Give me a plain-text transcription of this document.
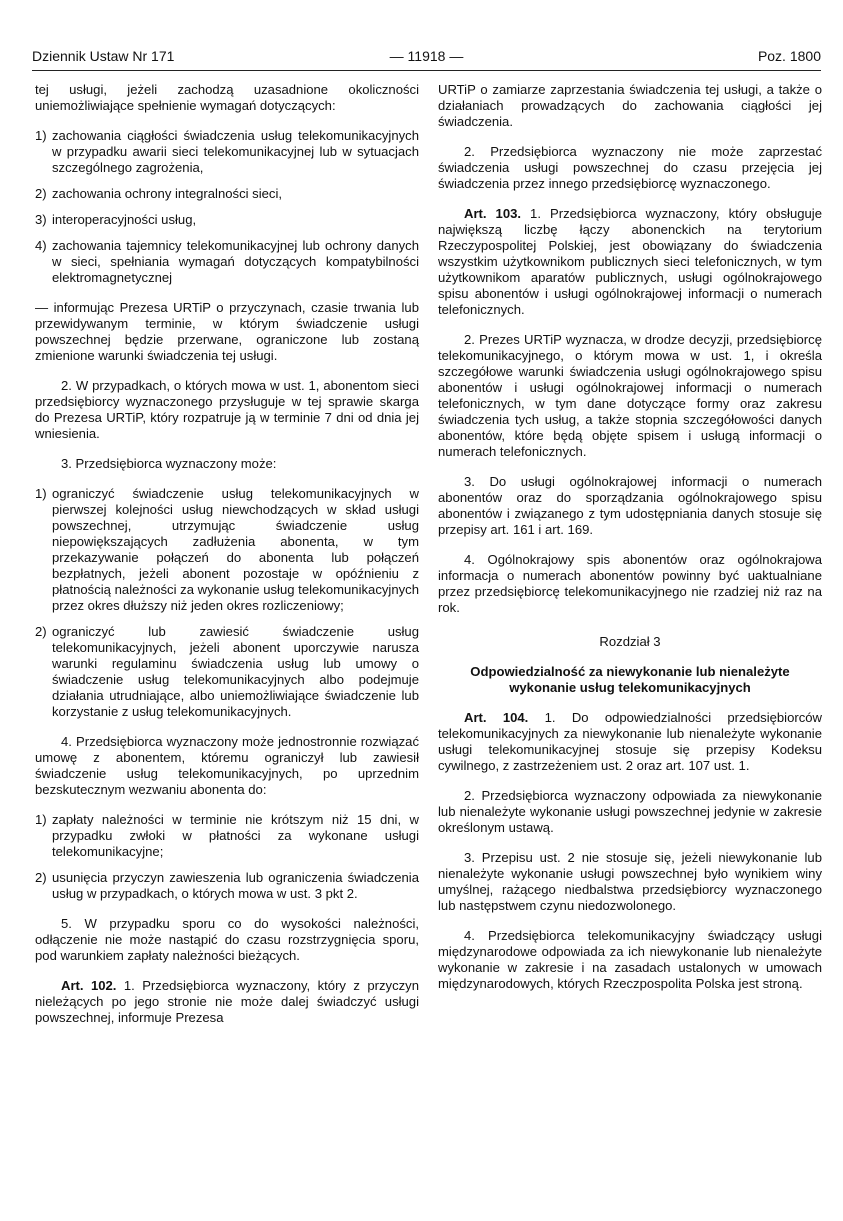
Dziennik Ustaw Nr 171	— 11918 —	Poz. 1800

tej usługi, jeżeli zachodzą uzasadnione okoliczności uniemożliwiające spełnienie wymagań dotyczących:

1) zachowania ciągłości świadczenia usług telekomunikacyjnych w przypadku awarii sieci telekomunikacyjnej lub w sytuacjach szczególnego zagrożenia,
2) zachowania ochrony integralności sieci,
3) interoperacyjności usług,
4) zachowania tajemnicy telekomunikacyjnej lub ochrony danych w sieci, spełniania wymagań dotyczących kompatybilności elektromagnetycznej

— informując Prezesa URTiP o przyczynach, czasie trwania lub przewidywanym terminie, w którym świadczenie usługi powszechnej będzie przerwane, ograniczone lub zostaną zmienione warunki świadczenia tej usługi.

2. W przypadkach, o których mowa w ust. 1, abonentom sieci przedsiębiorcy wyznaczonego przysługuje w tej sprawie skarga do Prezesa URTiP, który rozpatruje ją w terminie 7 dni od dnia jej wniesienia.

3. Przedsiębiorca wyznaczony może:

1) ograniczyć świadczenie usług telekomunikacyjnych w pierwszej kolejności usług niewchodzących w skład usługi powszechnej, utrzymując świadczenie usług niepowiększających zadłużenia abonenta, w tym przekazywanie połączeń do abonenta lub połączeń bezpłatnych, jeżeli abonent pozostaje w opóźnieniu z płatnością należności za wykonanie usług telekomunikacyjnych przez okres dłuższy niż jeden okres rozliczeniowy;
2) ograniczyć lub zawiesić świadczenie usług telekomunikacyjnych, jeżeli abonent uporczywie narusza warunki regulaminu świadczenia usług lub umowy o świadczenie usług telekomunikacyjnych albo podejmuje działania utrudniające, albo uniemożliwiające świadczenie lub korzystanie z usług telekomunikacyjnych.

4. Przedsiębiorca wyznaczony może jednostronnie rozwiązać umowę z abonentem, któremu ograniczył lub zawiesił świadczenie usług telekomunikacyjnych, po uprzednim bezskutecznym wezwaniu abonenta do:

1) zapłaty należności w terminie nie krótszym niż 15 dni, w przypadku zwłoki w płatności za wykonane usługi telekomunikacyjne;
2) usunięcia przyczyn zawieszenia lub ograniczenia świadczenia usług w przypadkach, o których mowa w ust. 3 pkt 2.

5. W przypadku sporu co do wysokości należności, odłączenie nie może nastąpić do czasu rozstrzygnięcia sporu, pod warunkiem zapłaty należności bieżących.

Art. 102. 1. Przedsiębiorca wyznaczony, który z przyczyn nieleżących po jego stronie nie może dalej świadczyć usługi powszechnej, informuje Prezesa

URTiP o zamiarze zaprzestania świadczenia tej usługi, a także o działaniach prowadzących do zachowania ciągłości jej świadczenia.

2. Przedsiębiorca wyznaczony nie może zaprzestać świadczenia usługi powszechnej do czasu przejęcia jej świadczenia przez innego przedsiębiorcę wyznaczonego.

Art. 103. 1. Przedsiębiorca wyznaczony, który obsługuje największą liczbę łączy abonenckich na terytorium Rzeczypospolitej Polskiej, jest obowiązany do świadczenia wszystkim użytkownikom publicznych sieci telefonicznych, w tym użytkownikom aparatów publicznych, usługi ogólnokrajowego spisu abonentów i usługi ogólnokrajowej informacji o numerach telefonicznych.

2. Prezes URTiP wyznacza, w drodze decyzji, przedsiębiorcę telekomunikacyjnego, o którym mowa w ust. 1, i określa szczegółowe warunki świadczenia usługi ogólnokrajowego spisu abonentów i usługi ogólnokrajowej informacji o numerach telefonicznych, w tym dane dotyczące formy oraz zakresu świadczenia tych usług, a także stopnia szczegółowości danych abonentów, które będą objęte spisem i usługą informacji o numerach telefonicznych.

3. Do usługi ogólnokrajowej informacji o numerach abonentów oraz do sporządzania ogólnokrajowego spisu abonentów i związanego z tym udostępniania danych stosuje się przepisy art. 161 i art. 169.

4. Ogólnokrajowy spis abonentów oraz ogólnokrajowa informacja o numerach abonentów powinny być uaktualniane przez przedsiębiorcę telekomunikacyjnego nie rzadziej niż raz na rok.

Rozdział 3
Odpowiedzialność za niewykonanie lub nienależyte wykonanie usług telekomunikacyjnych

Art. 104. 1. Do odpowiedzialności przedsiębiorców telekomunikacyjnych za niewykonanie lub nienależyte wykonanie usługi telekomunikacyjnej stosuje się przepisy Kodeksu cywilnego, z zastrzeżeniem ust. 2 oraz art. 107 ust. 1.

2. Przedsiębiorca wyznaczony odpowiada za niewykonanie lub nienależyte wykonanie usługi powszechnej jedynie w zakresie określonym ustawą.

3. Przepisu ust. 2 nie stosuje się, jeżeli niewykonanie lub nienależyte wykonanie usługi powszechnej było wynikiem winy umyślnej, rażącego niedbalstwa przedsiębiorcy wyznaczonego lub następstwem czynu niedozwolonego.

4. Przedsiębiorca telekomunikacyjny świadczący usługi międzynarodowe odpowiada za ich niewykonanie lub nienależyte wykonanie w zakresie i na zasadach ustalonych w umowach międzynarodowych, których Rzeczpospolita Polska jest stroną.
